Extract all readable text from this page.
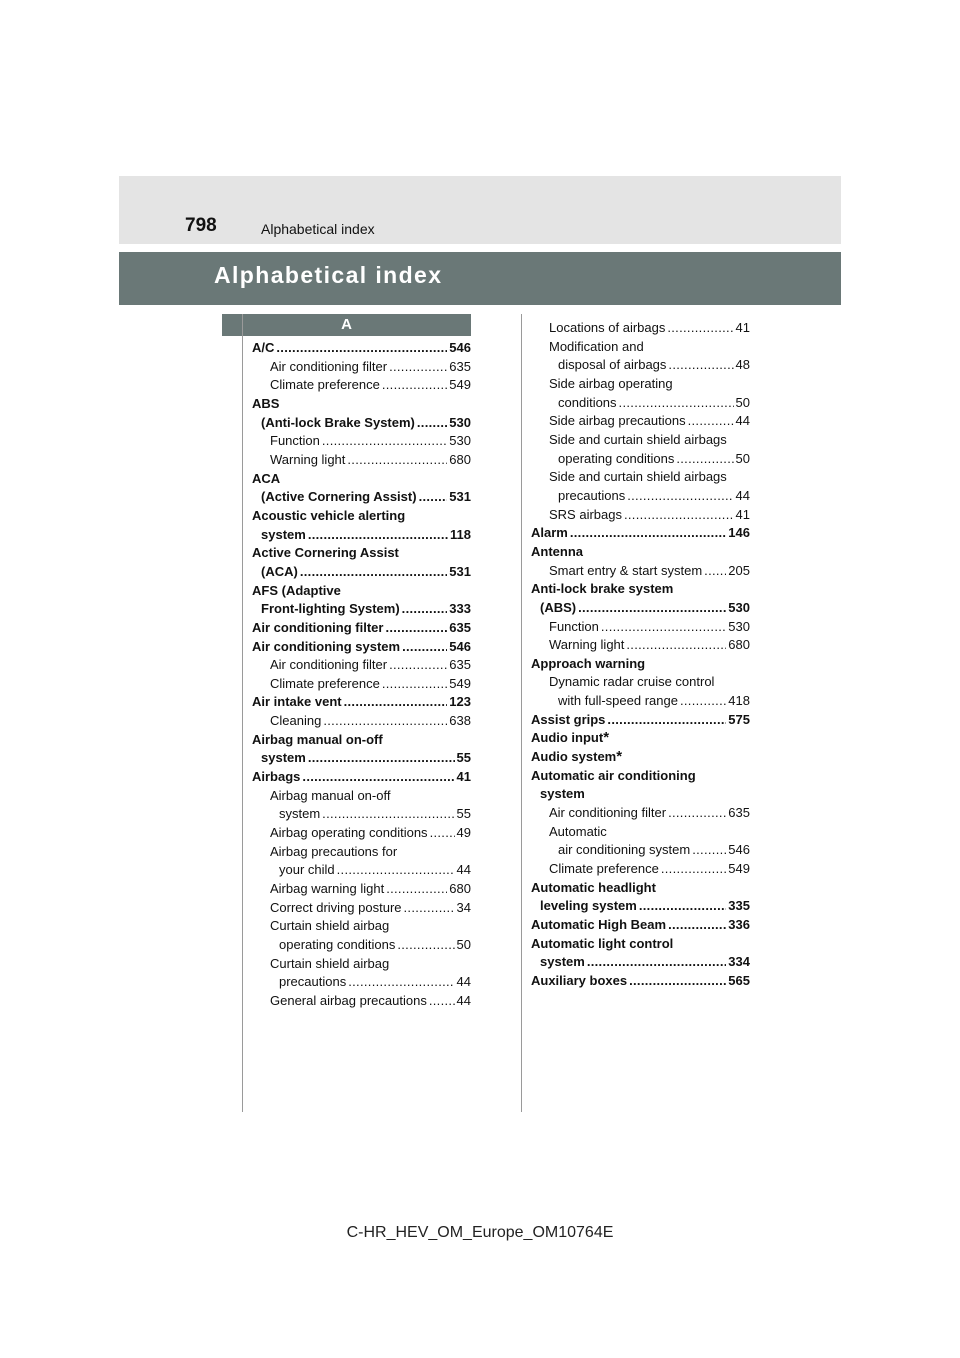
798	Alphabetical index
Alphabetical index
A
A/C .....	546
Air conditioning filter .....	635
Climate preference .....	549
ABS
(Anti-lock Brake System) .....	530
Function .....	530
Warning light .....	680
ACA
(Active Cornering Assist) .....	531
Acoustic vehicle alerting
system .....	118
Active Cornering Assist
(ACA) .....	531
AFS (Adaptive
Front-lighting System) .....	333
Air conditioning filter .....	635
Air conditioning system .....	546
Air conditioning filter .....	635
Climate preference .....	549
Air intake vent .....	123
Cleaning .....	638
Airbag manual on-off
system .....	55
Airbags .....	41
Airbag manual on-off
system .....	55
Airbag operating conditions ..... 49
Airbag precautions for
your child .....	44
Airbag warning light .....	680
Correct driving posture .....	34
Curtain shield airbag
operating conditions .....	50
Curtain shield airbag
precautions .....	44
General airbag precautions ..... 44
Locations of airbags .....	41
Modification and
disposal of airbags .....	48
Side airbag operating
conditions .....	50
Side airbag precautions .....	44
Side and curtain shield airbags
operating conditions .....	50
Side and curtain shield airbags
precautions .....	44
SRS airbags .....	41
Alarm .....	146
Antenna
Smart entry & start system ..... 205
Anti-lock brake system
(ABS) .....	530
Function .....	530
Warning light .....	680
Approach warning
Dynamic radar cruise control
with full-speed range .....	418
Assist grips .....	575
Audio input *
Audio system *
Automatic air conditioning
system
Air conditioning filter .....	635
Automatic
air conditioning system .....	546
Climate preference .....	549
Automatic headlight
leveling system .....	335
Automatic High Beam .....	336
Automatic light control
system .....	334
Auxiliary boxes .....	565
C-HR_HEV_OM_Europe_OM10764E
